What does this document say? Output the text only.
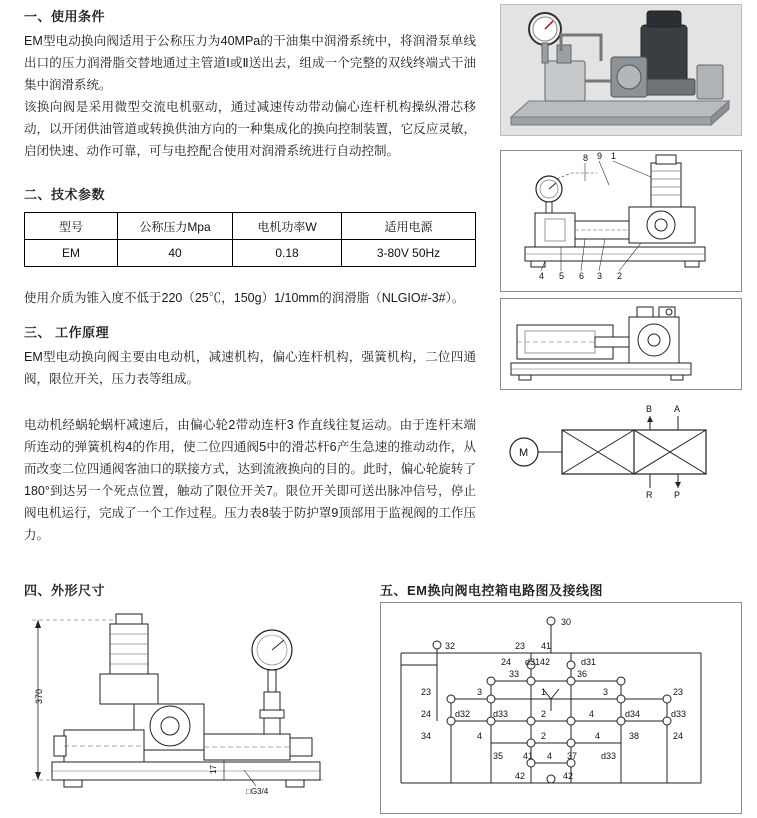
一、使用条件
EM型电动换向阀适用于公称压力为40MPa的干油集中润滑系统中，将润滑泵单线出口的压力润滑脂交替地通过主管道Ⅰ或Ⅱ送出去，组成一个完整的双线终端式干油集中润滑系统。
该换向阀是采用微型交流电机驱动，通过减速传动带动偏心连杆机构操纵滑芯移动，以开闭供油管道或转换供油方向的一种集成化的换向控制装置，它反应灵敏，启闭快速、动作可靠，可与电控配合使用对润滑系统进行自动控制。
二、技术参数
型号	公称压力Mpa	电机功率W	适用电源
EM	40	0.18	3-80V 50Hz
使用介质为锥入度不低于220（25℃，150g）1/10mm的润滑脂（NLGIO#-3#）。
三、 工作原理
EM型电动换向阀主要由电动机，减速机构，偏心连杆机构，强簧机构，二位四通阀，限位开关，压力表等组成。
电动机经蜗轮蜗杆减速后，由偏心轮2带动连杆3 作直线往复运动。由于连杆末端所连动的弹簧机构4的作用，使二位四通阀5中的滑芯杆6产生急速的推动动作，从而改变二位四通阀客油口的联接方式，达到流液换向的目的。此时，偏心轮旋转了180°到达另一个死点位置，触动了限位开关7。限位开关即可送出脉冲信号，停止阀电机运行，完成了一个工作过程。压力表8装于防护罩9顶部用于监视阀的工作压力。
四、外形尺寸	五、EM换向阀电控箱电路图及接线图
8 9 1
4 5 6 3 2
M
B A
R P
370
17
□G3/4
30
32	23 41
24 d3142	d31
33	36
23	3	1	3	23
24	d32	d33	2	4	d34	d33
34	4	2	4	38	24
35 41 4 37	d33
42	42
